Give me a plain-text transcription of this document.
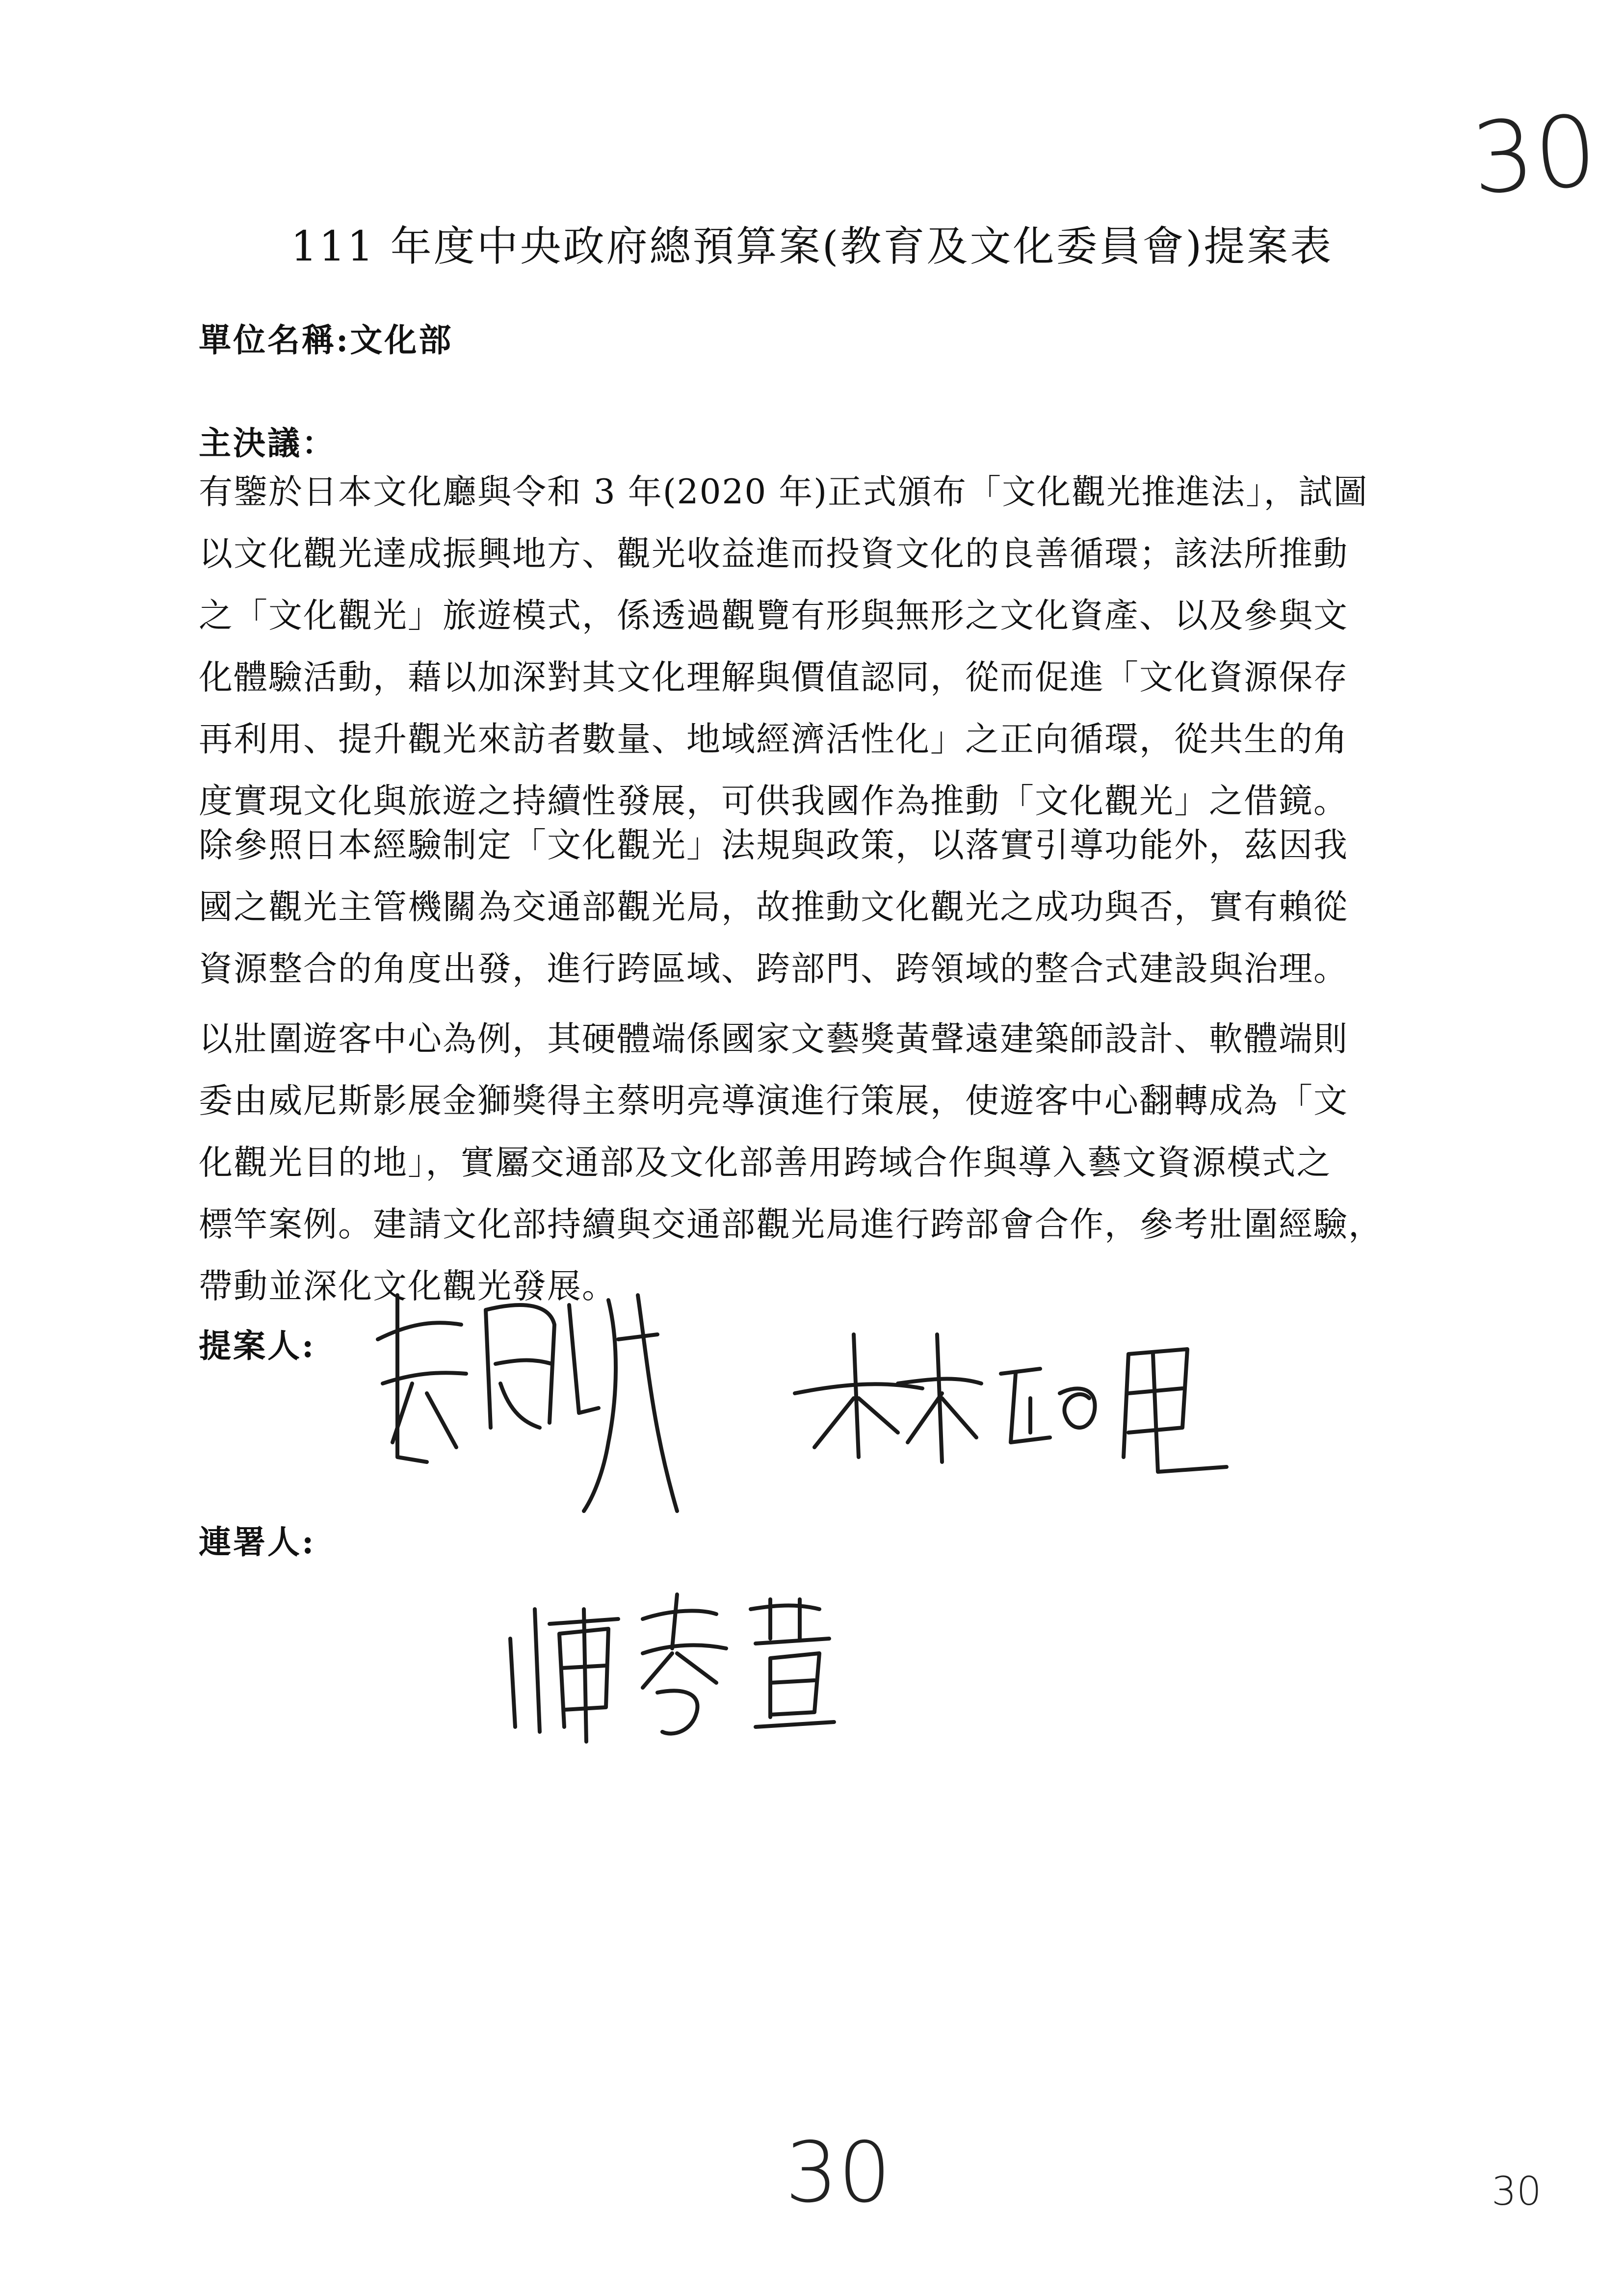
30
30	30
111 年度中央政府總預算案(教育及文化委員會)提案表
單位名稱:文化部
主決議：
有鑒於日本文化廳與令和 3 年(2020 年)正式頒布「文化觀光推進法」，試圖
以文化觀光達成振興地方、觀光收益進而投資文化的良善循環；該法所推動
之「文化觀光」旅遊模式，係透過觀覽有形與無形之文化資產、以及參與文
化體驗活動，藉以加深對其文化理解與價值認同，從而促進「文化資源保存
再利用、提升觀光來訪者數量、地域經濟活性化」之正向循環，從共生的角
度實現文化與旅遊之持續性發展，可供我國作為推動「文化觀光」之借鏡。
除參照日本經驗制定「文化觀光」法規與政策，以落實引導功能外，茲因我
國之觀光主管機關為交通部觀光局，故推動文化觀光之成功與否，實有賴從
資源整合的角度出發，進行跨區域、跨部門、跨領域的整合式建設與治理。
以壯圍遊客中心為例，其硬體端係國家文藝獎黃聲遠建築師設計、軟體端則
委由威尼斯影展金獅獎得主蔡明亮導演進行策展，使遊客中心翻轉成為「文
化觀光目的地」，實屬交通部及文化部善用跨域合作與導入藝文資源模式之
標竿案例。建請文化部持續與交通部觀光局進行跨部會合作，參考壯圍經驗，
帶動並深化文化觀光發展。
提案人:
連署人:
